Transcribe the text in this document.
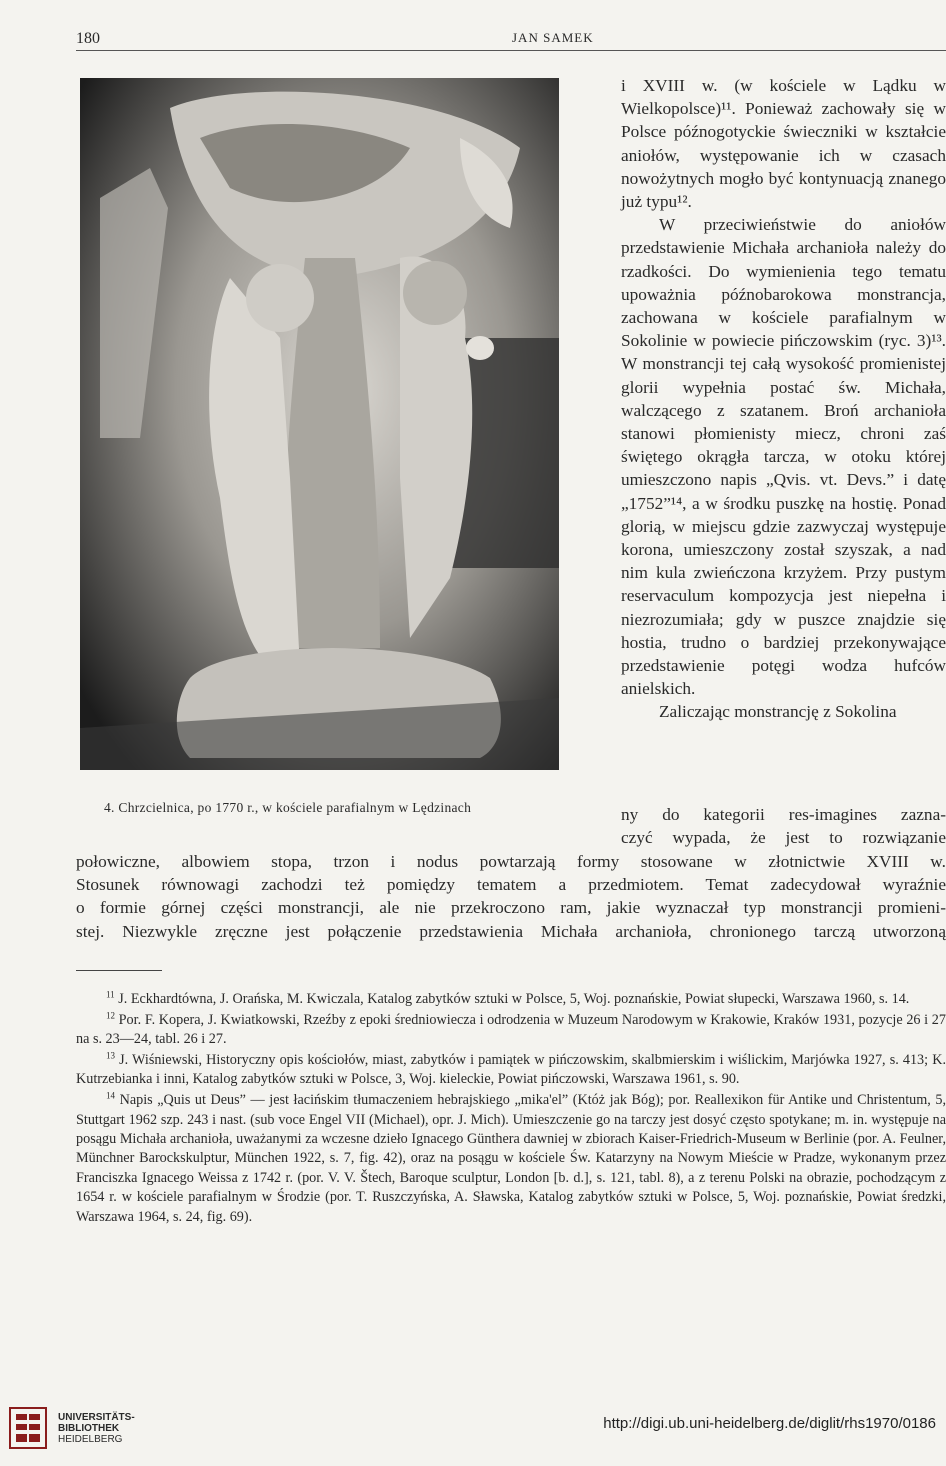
180	JAN SAMEK
4. Chrzcielnica, po 1770 r., w kościele parafialnym w Lędzinach

i XVIII w. (w kościele w Lądku w Wielkopolsce)¹¹. Ponieważ zachowały się w Polsce późnogotyckie świeczniki w kształcie aniołów, występowanie ich w czasach nowożytnych mogło być kontynuacją znanego już typu¹².

W przeciwieństwie do aniołów przedstawienie Michała archanioła należy do rzadkości. Do wymienienia tego tematu upoważnia późnobarokowa monstrancja, zachowana w kościele parafialnym w Sokolinie w powiecie pińczowskim (ryc. 3)¹³. W monstrancji tej całą wysokość promienistej glorii wypełnia postać św. Michała, walczącego z szatanem. Broń archanioła stanowi płomienisty miecz, chroni zaś świętego okrągła tarcza, w otoku której umieszczono napis „Qvis. vt. Devs.” i datę „1752”¹⁴, a w środku puszkę na hostię. Ponad glorią, w miejscu gdzie zazwyczaj występuje korona, umieszczony został szyszak, a nad nim kula zwieńczona krzyżem. Przy pustym reservaculum kompozycja jest niepełna i niezrozumiała; gdy w puszce znajdzie się hostia, trudno o bardziej przekonywające przedstawienie potęgi wodza hufców anielskich.

Zaliczając monstrancję z Sokolina

ny do kategorii res-imagines zazna-
czyć wypada, że jest to rozwiązanie
połowiczne, albowiem stopa, trzon i nodus powtarzają formy stosowane w złotnictwie XVIII w.
Stosunek równowagi zachodzi też pomiędzy tematem a przedmiotem. Temat zadecydował wyraźnie
o formie górnej części monstrancji, ale nie przekroczono ram, jakie wyznaczał typ monstrancji promieni-
stej. Niezwykle zręczne jest połączenie przedstawienia Michała archanioła, chronionego tarczą utworzoną

$^{11}$ J. Eckhardtówna, J. Orańska, M. Kwiczala, Katalog zabytków sztuki w Polsce, 5, Woj. poznańskie, Powiat słupecki, Warszawa 1960, s. 14.

$^{12}$ Por. F. Kopera, J. Kwiatkowski, Rzeźby z epoki średniowiecza i odrodzenia w Muzeum Narodowym w Krakowie, Kraków 1931, pozycje 26 i 27 na s. 23—24, tabl. 26 i 27.

$^{13}$ J. Wiśniewski, Historyczny opis kościołów, miast, zabytków i pamiątek w pińczowskim, skalbmierskim i wiślickim, Marjówka 1927, s. 413; K. Kutrzebianka i inni, Katalog zabytków sztuki w Polsce, 3, Woj. kieleckie, Powiat pińczowski, Warszawa 1961, s. 90.

$^{14}$ Napis „Quis ut Deus” — jest łacińskim tłumaczeniem hebrajskiego „mika'el” (Któż jak Bóg); por. Reallexikon für Antike und Christentum, 5, Stuttgart 1962 szp. 243 i nast. (sub voce Engel VII (Michael), opr. J. Mich). Umieszczenie go na tarczy jest dosyć często spotykane; m. in. występuje na posągu Michała archanioła, uważanymi za wczesne dzieło Ignacego Günthera dawniej w zbiorach Kaiser-Friedrich-Museum w Berlinie (por. A. Feulner, Münchner Barockskulptur, München 1922, s. 7, fig. 42), oraz na posągu w kościele Św. Katarzyny na Nowym Mieście w Pradze, wykonanym przez Franciszka Ignacego Weissa z 1742 r. (por. V. V. Štech, Baroque sculptur, London [b. d.], s. 121, tabl. 8), a z terenu Polski na obrazie, pochodzącym z 1654 r. w kościele parafialnym w Środzie (por. T. Ruszczyńska, A. Sławska, Katalog zabytków sztuki w Polsce, 5, Woj. poznańskie, Powiat średzki, Warszawa 1964, s. 24, fig. 69).

UNIVERSITÄTS-
BIBLIOTHEK
HEIDELBERG
http://digi.ub.uni-heidelberg.de/diglit/rhs1970/0186
